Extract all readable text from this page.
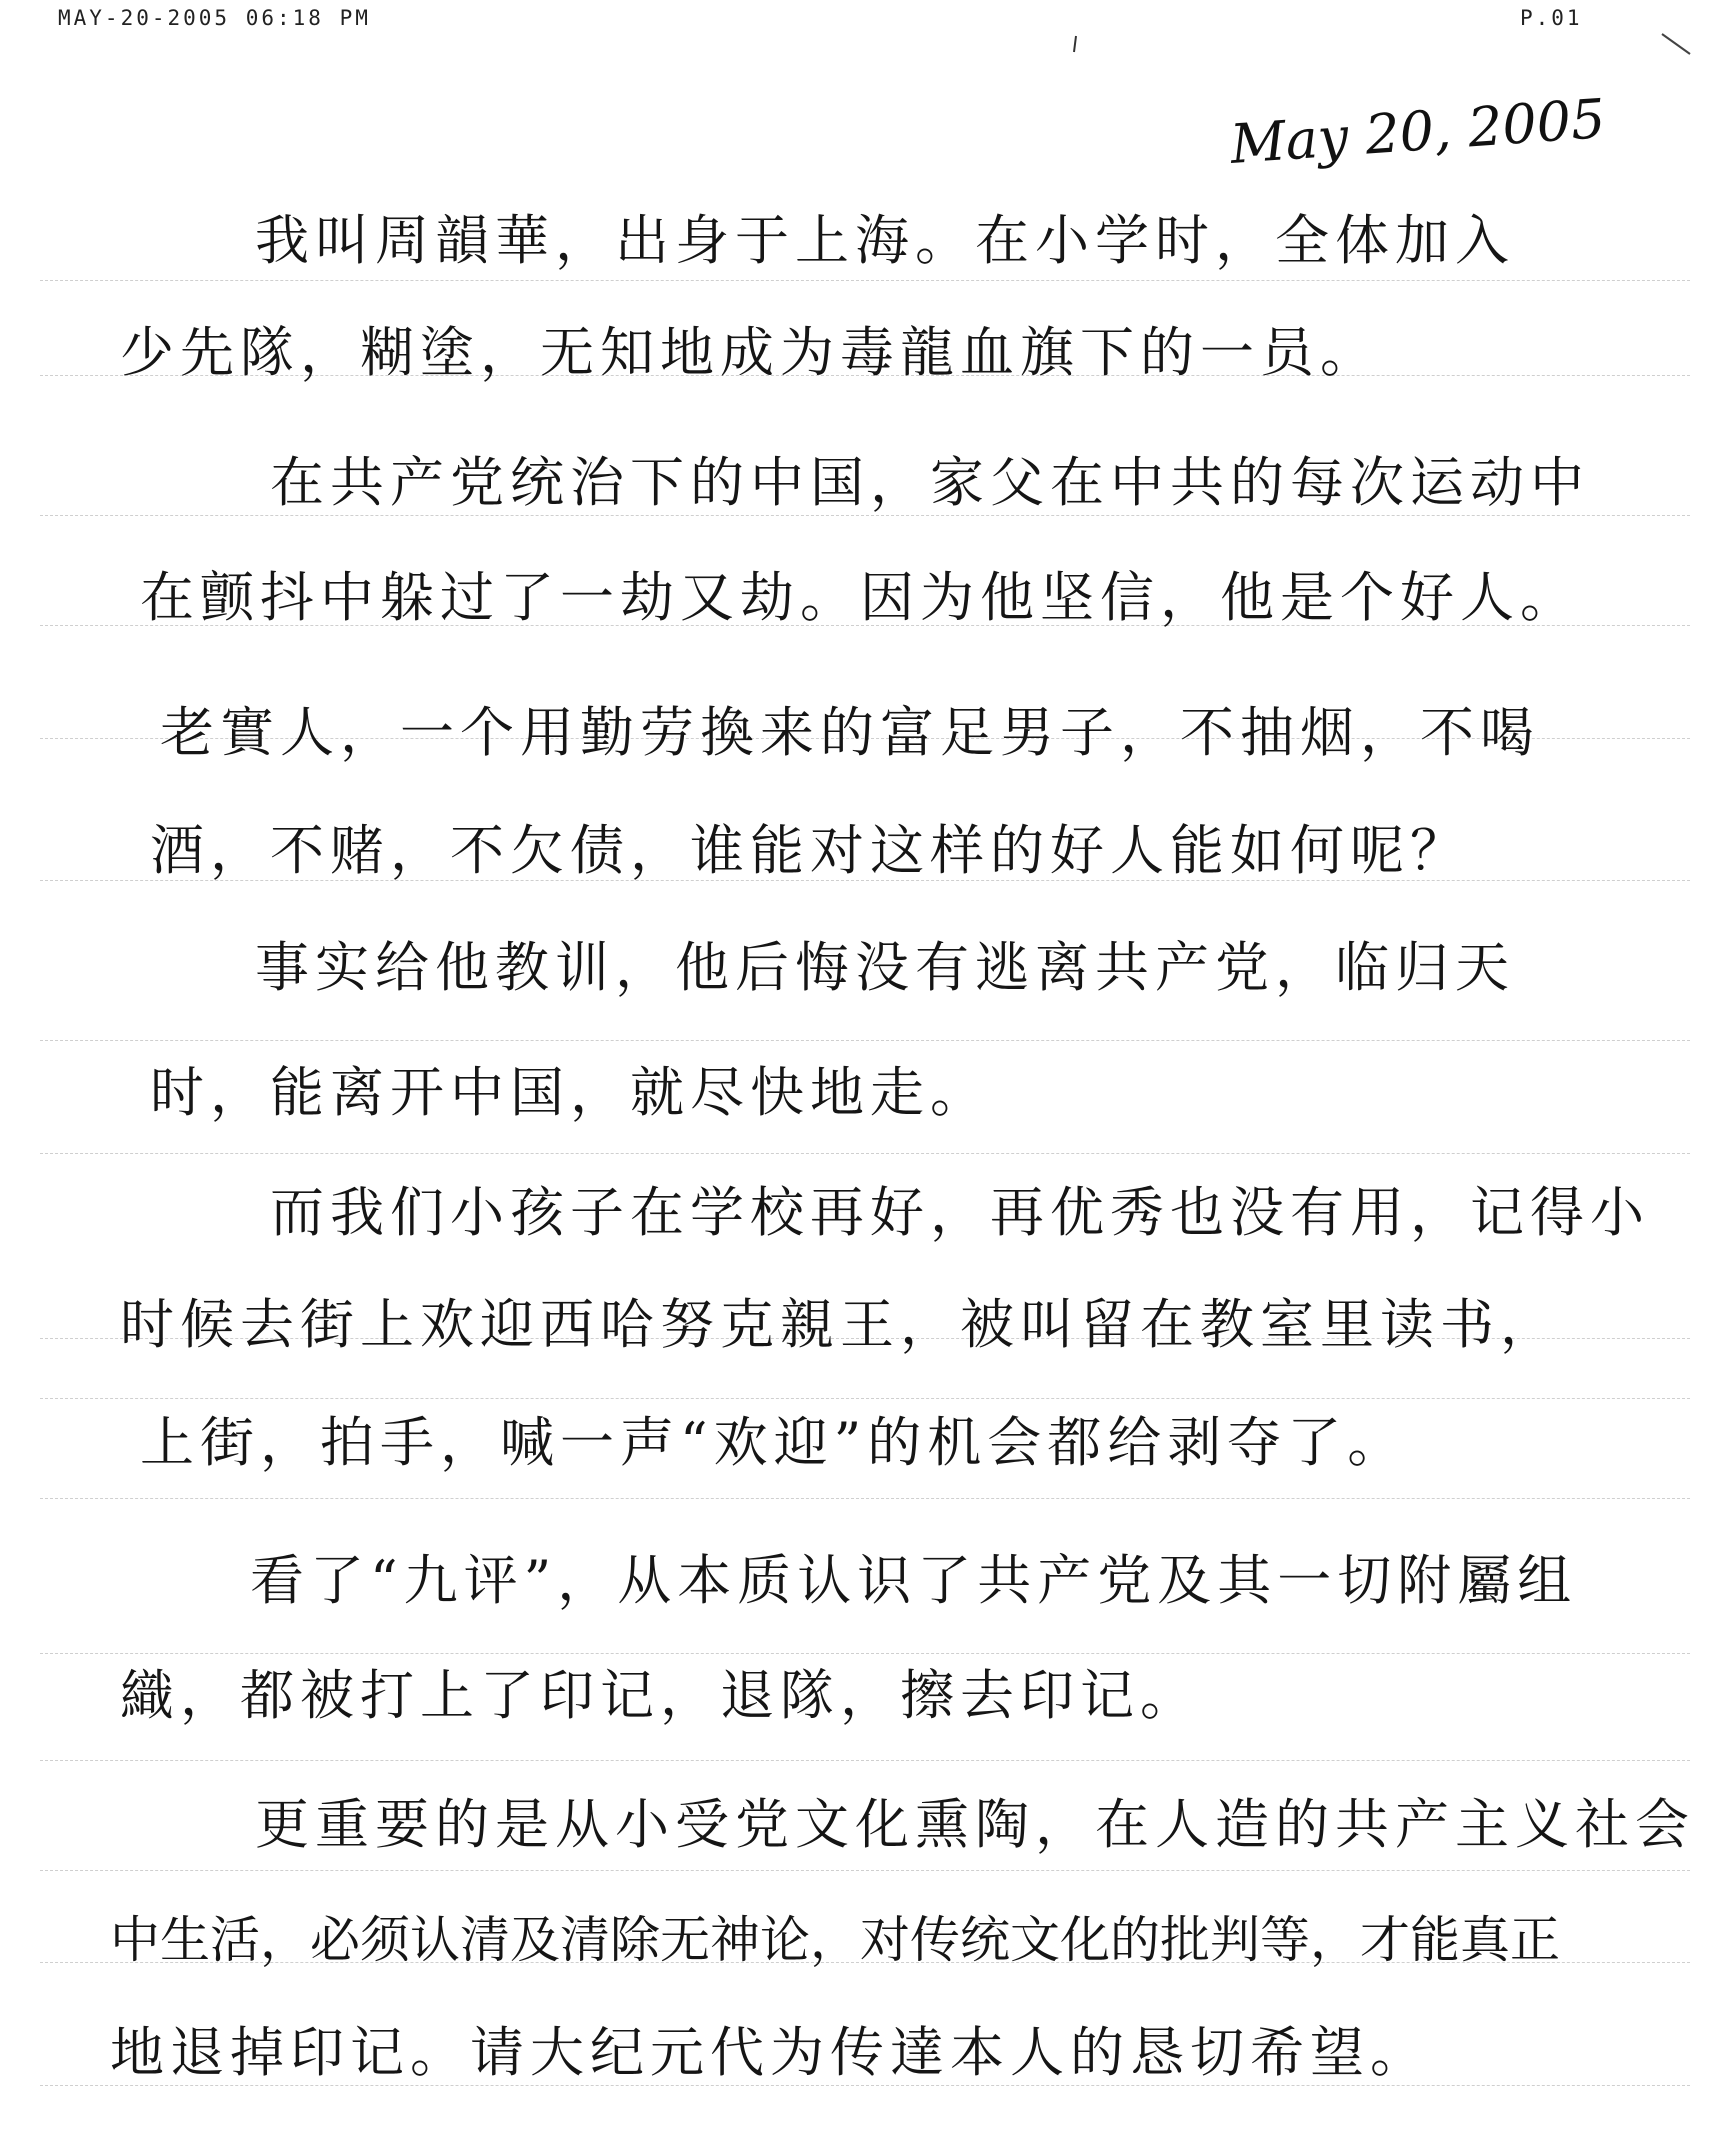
MAY-20-2005 06:18 PM	P.01
May 20, 2005
我叫周韻華，出身于上海。在小学时，全体加入
少先隊，糊塗，无知地成为毒龍血旗下的一员。
在共产党统治下的中国，家父在中共的每次运动中
在颤抖中躲过了一劫又劫。因为他坚信，他是个好人。
老實人，一个用勤劳換来的富足男子，不抽烟，不喝
酒，不赌，不欠债，谁能对这样的好人能如何呢？
事实给他教训，他后悔没有逃离共产党，临归天
时，能离开中国，就尽快地走。
而我们小孩子在学校再好，再优秀也没有用，记得小
时候去街上欢迎西哈努克親王，被叫留在教室里读书，
上街，拍手，喊一声“欢迎”的机会都给剥夺了。
看了“九评”，从本质认识了共产党及其一切附屬组
織，都被打上了印记，退隊，擦去印记。
更重要的是从小受党文化熏陶，在人造的共产主义社会
中生活，必须认清及清除无神论，对传统文化的批判等，才能真正
地退掉印记。请大纪元代为传達本人的恳切希望。
